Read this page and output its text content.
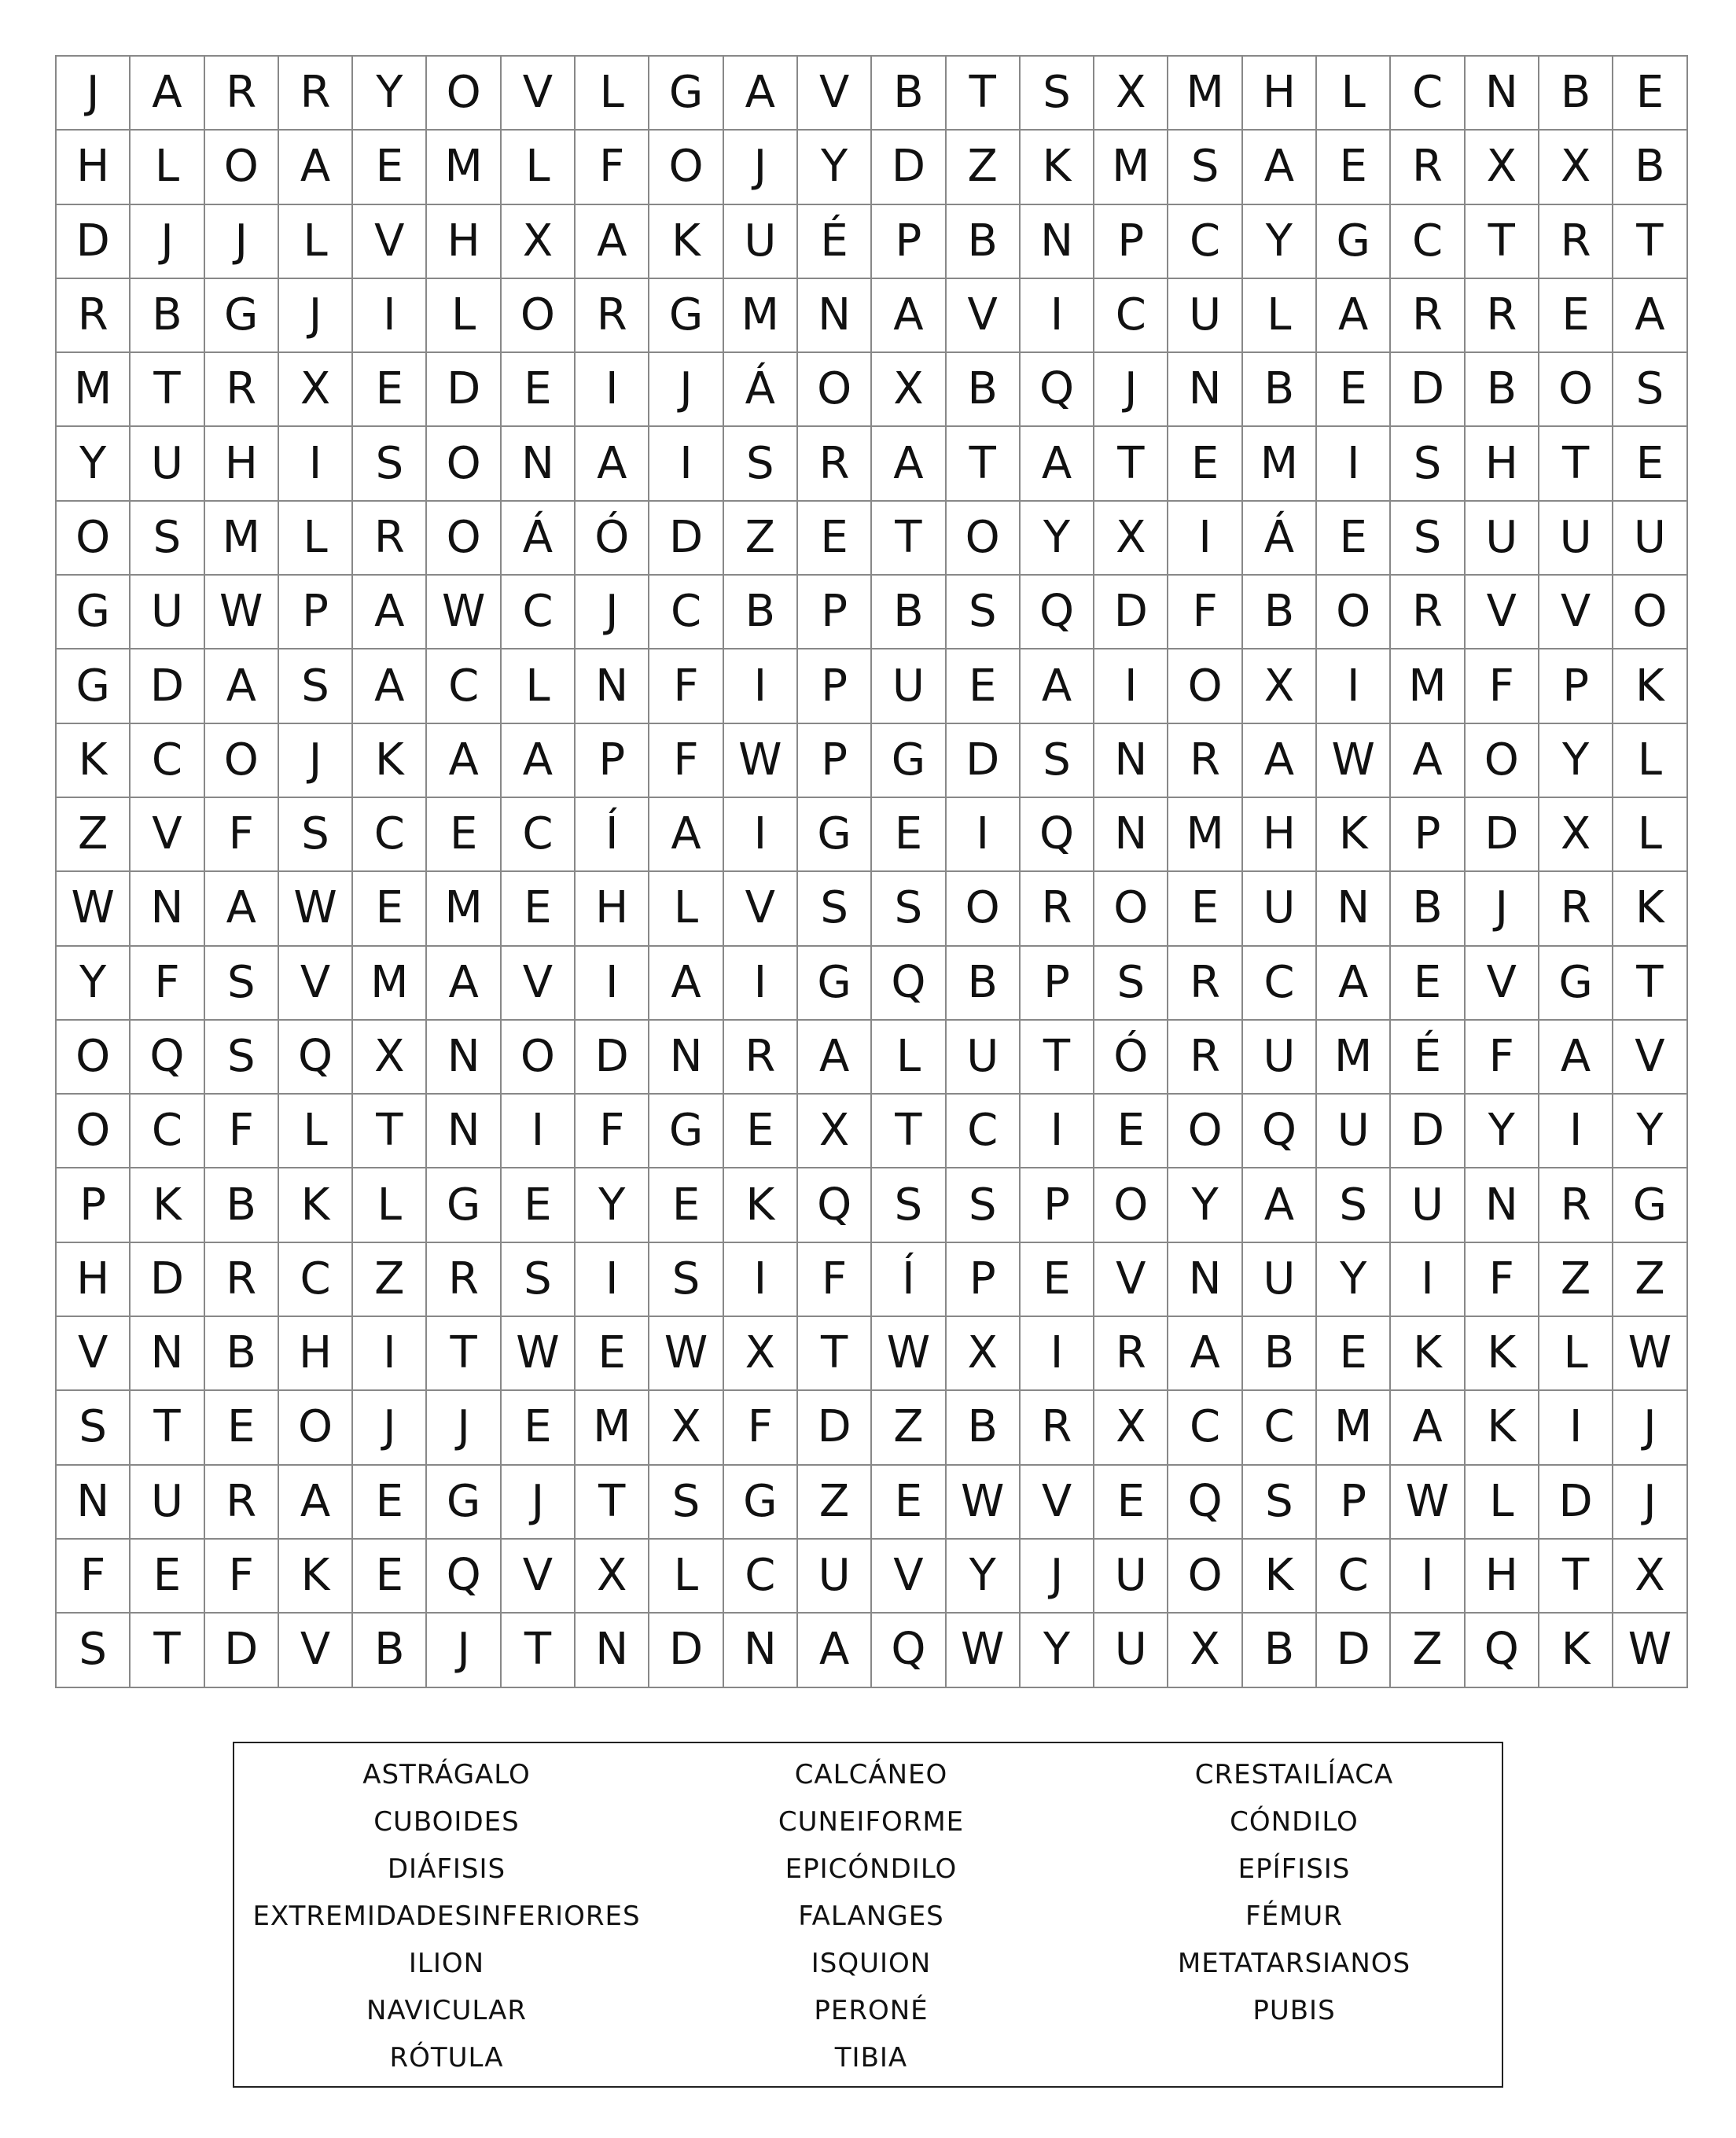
J	A R R	Y O V	L	G A V B	T	S	X M H	L	C N B	E
H	L	O A	E M L	F	O	J	Y D Z	K M S	A	E	R X X B
D	J	J	L	V H X A	K U	É	P	B N	P	C	Y G C	T	R	T
R B G	J	I	L	O R G M N A V	I	C U	L	A R R	E	A
M T	R X	E D E	I	J	Á O X B Q	J	N B	E D B O S
Y	U H	I	S O N A	I	S	R A	T	A	T	E M	I	S H	T	E
O S M L	R O Á Ó D Z	E	T O Y	X	I	Á	E	S	U U U
G U W P	A W C	J	C B	P	B	S Q D	F	B O R V V O
G D A	S	A C	L	N	F	I	P	U	E	A	I	O X	I	M F	P	K
K	C O	J	K	A A	P	F W P G D S N R A W A O Y	L
Z V	F	S	C	E	C	Í	A	I	G E	I	Q N M H K	P D X	L
W N A W E M E H	L	V	S	S O R O E	U N B	J	R	K
Y	F	S	V M A V	I	A	I	G Q B	P	S	R C A	E	V G T
O Q S Q X N O D N R A	L	U	T Ó R U M É	F	A V
O C	F	L	T	N	I	F	G E	X	T	C	I	E O Q U D Y	I	Y
P	K	B	K	L	G E	Y	E	K Q S	S	P O Y	A	S	U N R G
H D R C Z R	S	I	S	I	F	Í	P	E	V N U	Y	I	F	Z Z
V N B H	I	T W E W X	T W X	I	R A B	E	K	K	L W
S	T	E O	J	J	E M X	F	D Z B R X C C M A	K	I	J
N U R A	E G	J	T	S G Z	E W V	E Q S	P W L	D	J
F	E	F	K	E Q V X	L	C U V	Y	J	U O K	C	I	H	T	X
S	T D V B	J	T	N D N A Q W Y	U X B D Z Q K W
ASTRÁGALO	CALCÁNEO	CRESTAILÍACA
CUBOIDES	CUNEIFORME	CÓNDILO
DIÁFISIS	EPICÓNDILO	EPÍFISIS
EXTREMIDADESINFERIORES	FALANGES	FÉMUR
ILION	ISQUION	METATARSIANOS
NAVICULAR	PERONÉ	PUBIS
RÓTULA	TIBIA
